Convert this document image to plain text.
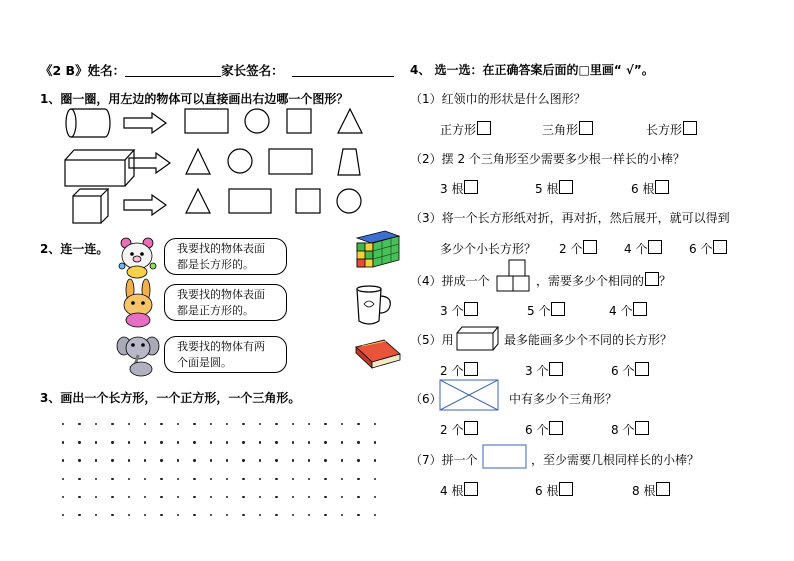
《2 B》姓名：	家长签名：
1、圈一圈，用左边的物体可以直接画出右边哪一个图形？
2、连一连。	我要找的物体表面
都是长方形的。
我要找的物体表面
都是正方形的。
我要找的物体有两
个面是圆。
3、画出一个长方形，一个正方形，一个三角形。
4、 选一选：在正确答案后面的□里画“ √”。
（1）红领巾的形状是什么图形？
正方形	三角形	长方形
（2）摆 2 个三角形至少需要多少根一样长的小棒？
3 根	5 根	6 根
（3）将一个长方形纸对折，再对折，然后展开，就可以得到
多少个小长方形？ 2 个	4 个	6 个
（4）拼成一个	，需要多少个相同的 ？
3 个	5 个	4 个
（5）用	最多能画多少个不同的长方形？
2 个	3 个	6 个
（6）	中有多少个三角形？
2 个	6 个	8 个
（7）拼一个	，至少需要几根同样长的小棒？
4 根	6 根	8 根
